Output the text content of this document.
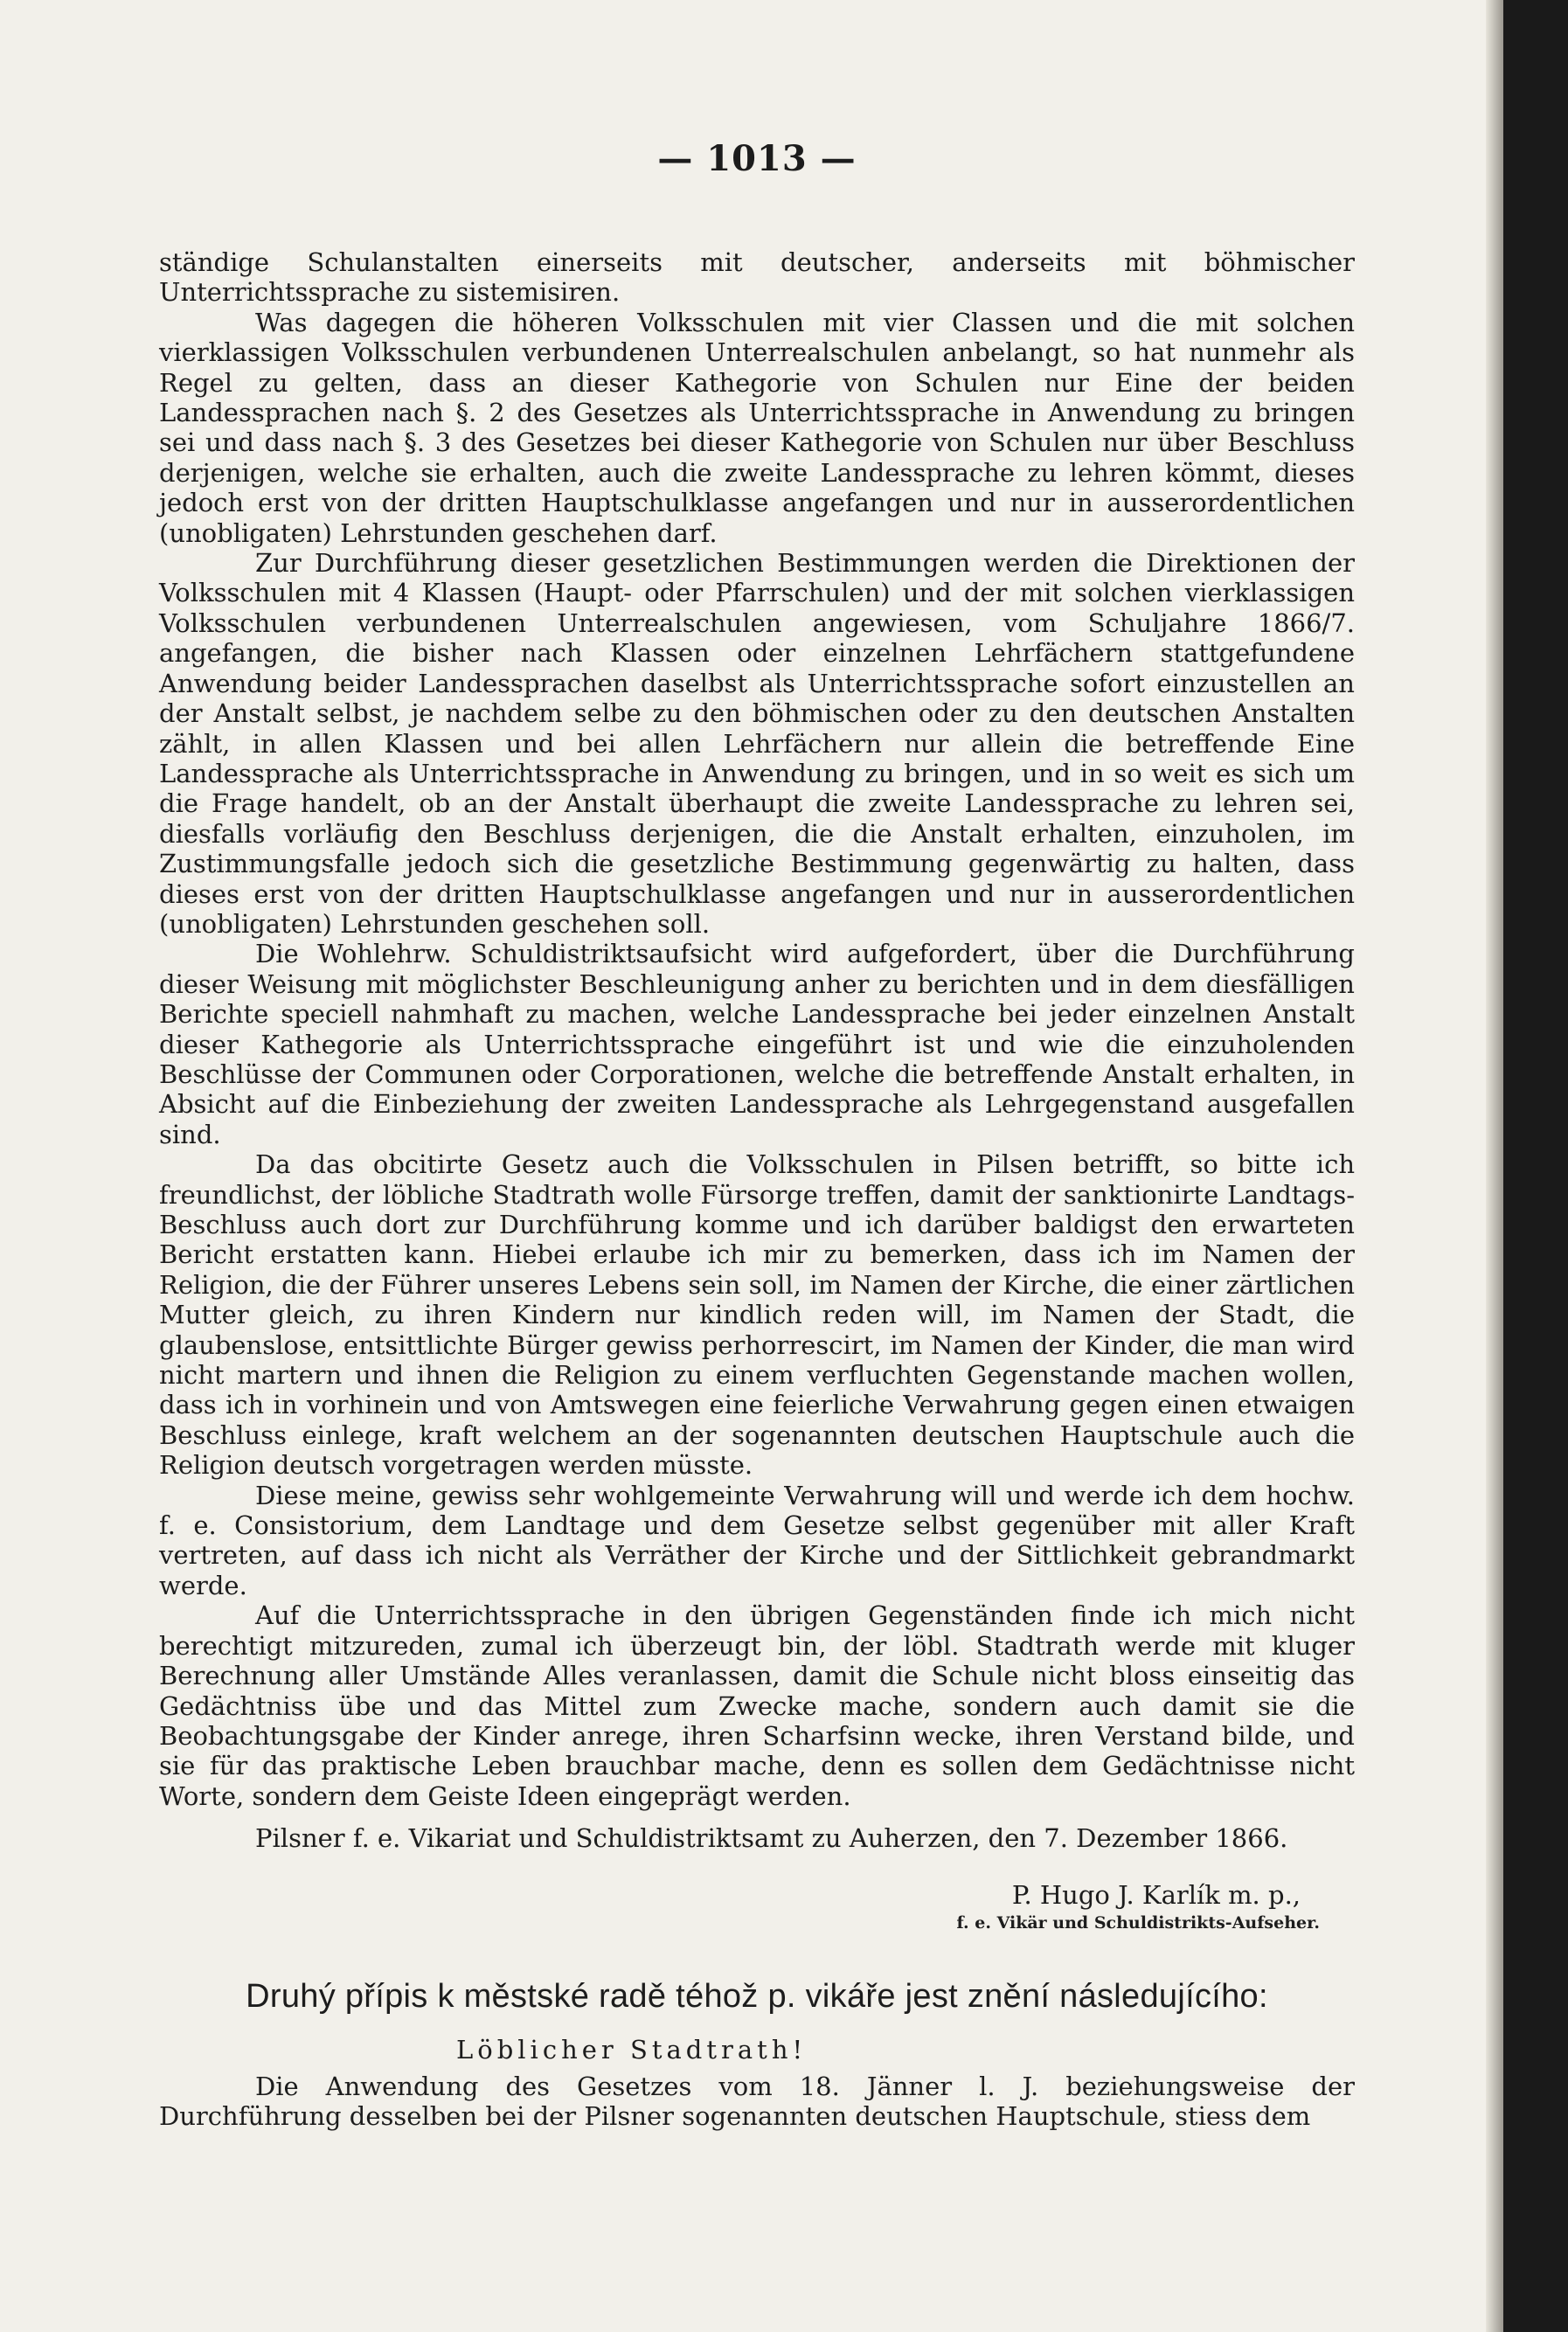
— 1013 —

ständige Schulanstalten einerseits mit deutscher, anderseits mit böhmischer Unterrichtssprache zu sistemisiren.

Was dagegen die höheren Volksschulen mit vier Classen und die mit solchen vierklassigen Volksschulen verbundenen Unterrealschulen anbelangt, so hat nunmehr als Regel zu gelten, dass an dieser Kathegorie von Schulen nur Eine der beiden Landessprachen nach §. 2 des Gesetzes als Unterrichtssprache in Anwendung zu bringen sei und dass nach §. 3 des Gesetzes bei dieser Kathegorie von Schulen nur über Beschluss derjenigen, welche sie erhalten, auch die zweite Landessprache zu lehren kömmt, dieses jedoch erst von der dritten Hauptschulklasse angefangen und nur in ausserordentlichen (unobligaten) Lehrstunden geschehen darf.

Zur Durchführung dieser gesetzlichen Bestimmungen werden die Direktionen der Volksschulen mit 4 Klassen (Haupt- oder Pfarrschulen) und der mit solchen vierklassigen Volksschulen verbundenen Unterrealschulen angewiesen, vom Schuljahre 1866/7. angefangen, die bisher nach Klassen oder einzelnen Lehrfächern stattgefundene Anwendung beider Landessprachen daselbst als Unterrichtssprache sofort einzustellen an der Anstalt selbst, je nachdem selbe zu den böhmischen oder zu den deutschen Anstalten zählt, in allen Klassen und bei allen Lehrfächern nur allein die betreffende Eine Landessprache als Unterrichtssprache in Anwendung zu bringen, und in so weit es sich um die Frage handelt, ob an der Anstalt überhaupt die zweite Landessprache zu lehren sei, diesfalls vorläufig den Beschluss derjenigen, die die Anstalt erhalten, einzuholen, im Zustimmungsfalle jedoch sich die gesetzliche Bestimmung gegenwärtig zu halten, dass dieses erst von der dritten Hauptschulklasse angefangen und nur in ausserordentlichen (unobligaten) Lehrstunden geschehen soll.

Die Wohlehrw. Schuldistriktsaufsicht wird aufgefordert, über die Durchführung dieser Weisung mit möglichster Beschleunigung anher zu berichten und in dem diesfälligen Berichte speciell nahmhaft zu machen, welche Landessprache bei jeder einzelnen Anstalt dieser Kathegorie als Unterrichtssprache eingeführt ist und wie die einzuholenden Beschlüsse der Communen oder Corporationen, welche die betreffende Anstalt erhalten, in Absicht auf die Einbeziehung der zweiten Landessprache als Lehrgegenstand ausgefallen sind.

Da das obcitirte Gesetz auch die Volksschulen in Pilsen betrifft, so bitte ich freundlichst, der löbliche Stadtrath wolle Fürsorge treffen, damit der sanktionirte Landtags-Beschluss auch dort zur Durchführung komme und ich darüber baldigst den erwarteten Bericht erstatten kann. Hiebei erlaube ich mir zu bemerken, dass ich im Namen der Religion, die der Führer unseres Lebens sein soll, im Namen der Kirche, die einer zärtlichen Mutter gleich, zu ihren Kindern nur kindlich reden will, im Namen der Stadt, die glaubenslose, entsittlichte Bürger gewiss perhorrescirt, im Namen der Kinder, die man wird nicht martern und ihnen die Religion zu einem verfluchten Gegenstande machen wollen, dass ich in vorhinein und von Amtswegen eine feierliche Verwahrung gegen einen etwaigen Beschluss einlege, kraft welchem an der sogenannten deutschen Hauptschule auch die Religion deutsch vorgetragen werden müsste.

Diese meine, gewiss sehr wohlgemeinte Verwahrung will und werde ich dem hochw. f. e. Consistorium, dem Landtage und dem Gesetze selbst gegenüber mit aller Kraft vertreten, auf dass ich nicht als Verräther der Kirche und der Sittlichkeit gebrandmarkt werde.

Auf die Unterrichtssprache in den übrigen Gegenständen finde ich mich nicht berechtigt mitzureden, zumal ich überzeugt bin, der löbl. Stadtrath werde mit kluger Berechnung aller Umstände Alles veranlassen, damit die Schule nicht bloss einseitig das Gedächtniss übe und das Mittel zum Zwecke mache, sondern auch damit sie die Beobachtungsgabe der Kinder anrege, ihren Scharfsinn wecke, ihren Verstand bilde, und sie für das praktische Leben brauchbar mache, denn es sollen dem Gedächtnisse nicht Worte, sondern dem Geiste Ideen eingeprägt werden.

Pilsner f. e. Vikariat und Schuldistriktsamt zu Auherzen, den 7. Dezember 1866.

P. Hugo J. Karlík m. p.,
f. e. Vikär und Schuldistrikts-Aufseher.
Druhý přípis k městské radě téhož p. vikáře jest znění následujícího:
Löblicher Stadtrath!

Die Anwendung des Gesetzes vom 18. Jänner l. J. beziehungsweise der Durchführung desselben bei der Pilsner sogenannten deutschen Hauptschule, stiess dem
